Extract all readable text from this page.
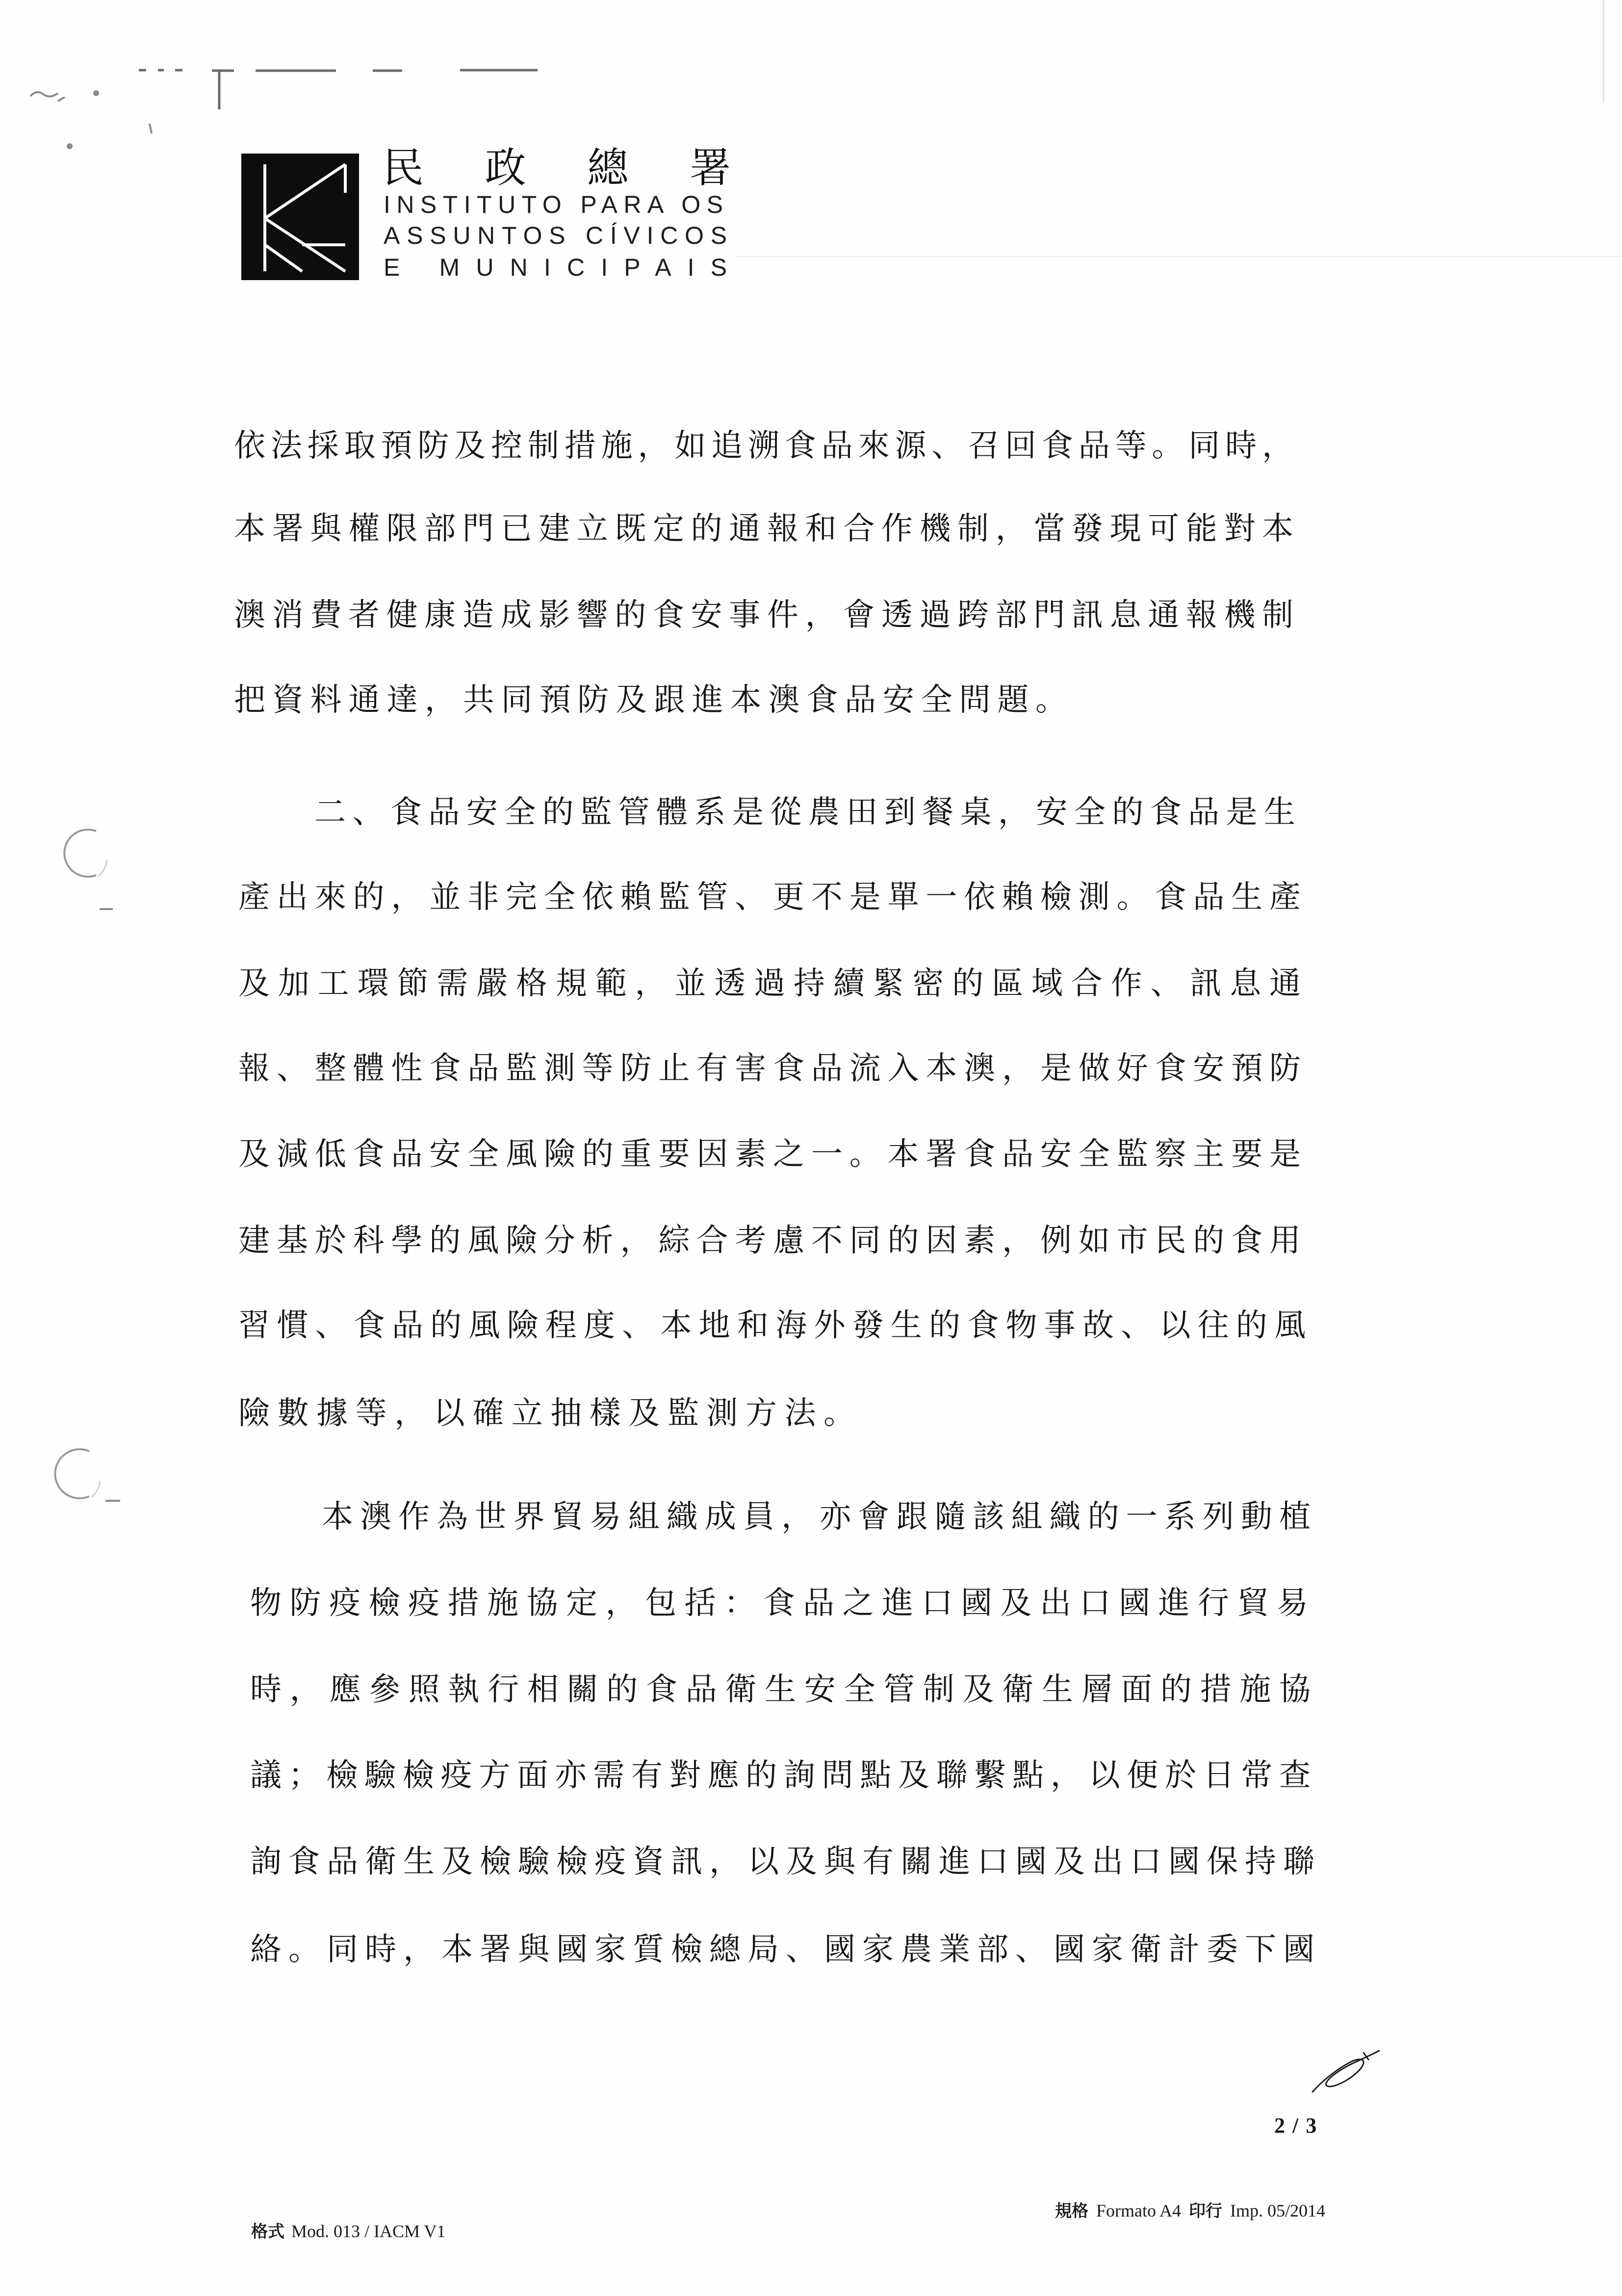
民政總署
INSTITUTO PARA OS
ASSUNTOS CÍVICOS
E MUNICIPAIS
依法採取預防及控制措施，如追溯食品來源、召回食品等。同時，
本署與權限部門已建立既定的通報和合作機制，當發現可能對本
澳消費者健康造成影響的食安事件，會透過跨部門訊息通報機制
把資料通達，共同預防及跟進本澳食品安全問題。
二、食品安全的監管體系是從農田到餐桌，安全的食品是生
產出來的，並非完全依賴監管、更不是單一依賴檢測。食品生產
及加工環節需嚴格規範，並透過持續緊密的區域合作、訊息通
報、整體性食品監測等防止有害食品流入本澳，是做好食安預防
及減低食品安全風險的重要因素之一。本署食品安全監察主要是
建基於科學的風險分析，綜合考慮不同的因素，例如市民的食用
習慣、食品的風險程度、本地和海外發生的食物事故、以往的風
險數據等，以確立抽樣及監測方法。
本澳作為世界貿易組織成員，亦會跟隨該組織的一系列動植
物防疫檢疫措施協定，包括：食品之進口國及出口國進行貿易
時，應參照執行相關的食品衛生安全管制及衛生層面的措施協
議；檢驗檢疫方面亦需有對應的詢問點及聯繫點，以便於日常查
詢食品衛生及檢驗檢疫資訊，以及與有關進口國及出口國保持聯
絡。同時，本署與國家質檢總局、國家農業部、國家衛計委下國
2 / 3
格式 Mod. 013 / IACM V1
規格 Formato A4 印行 Imp. 05/2014
